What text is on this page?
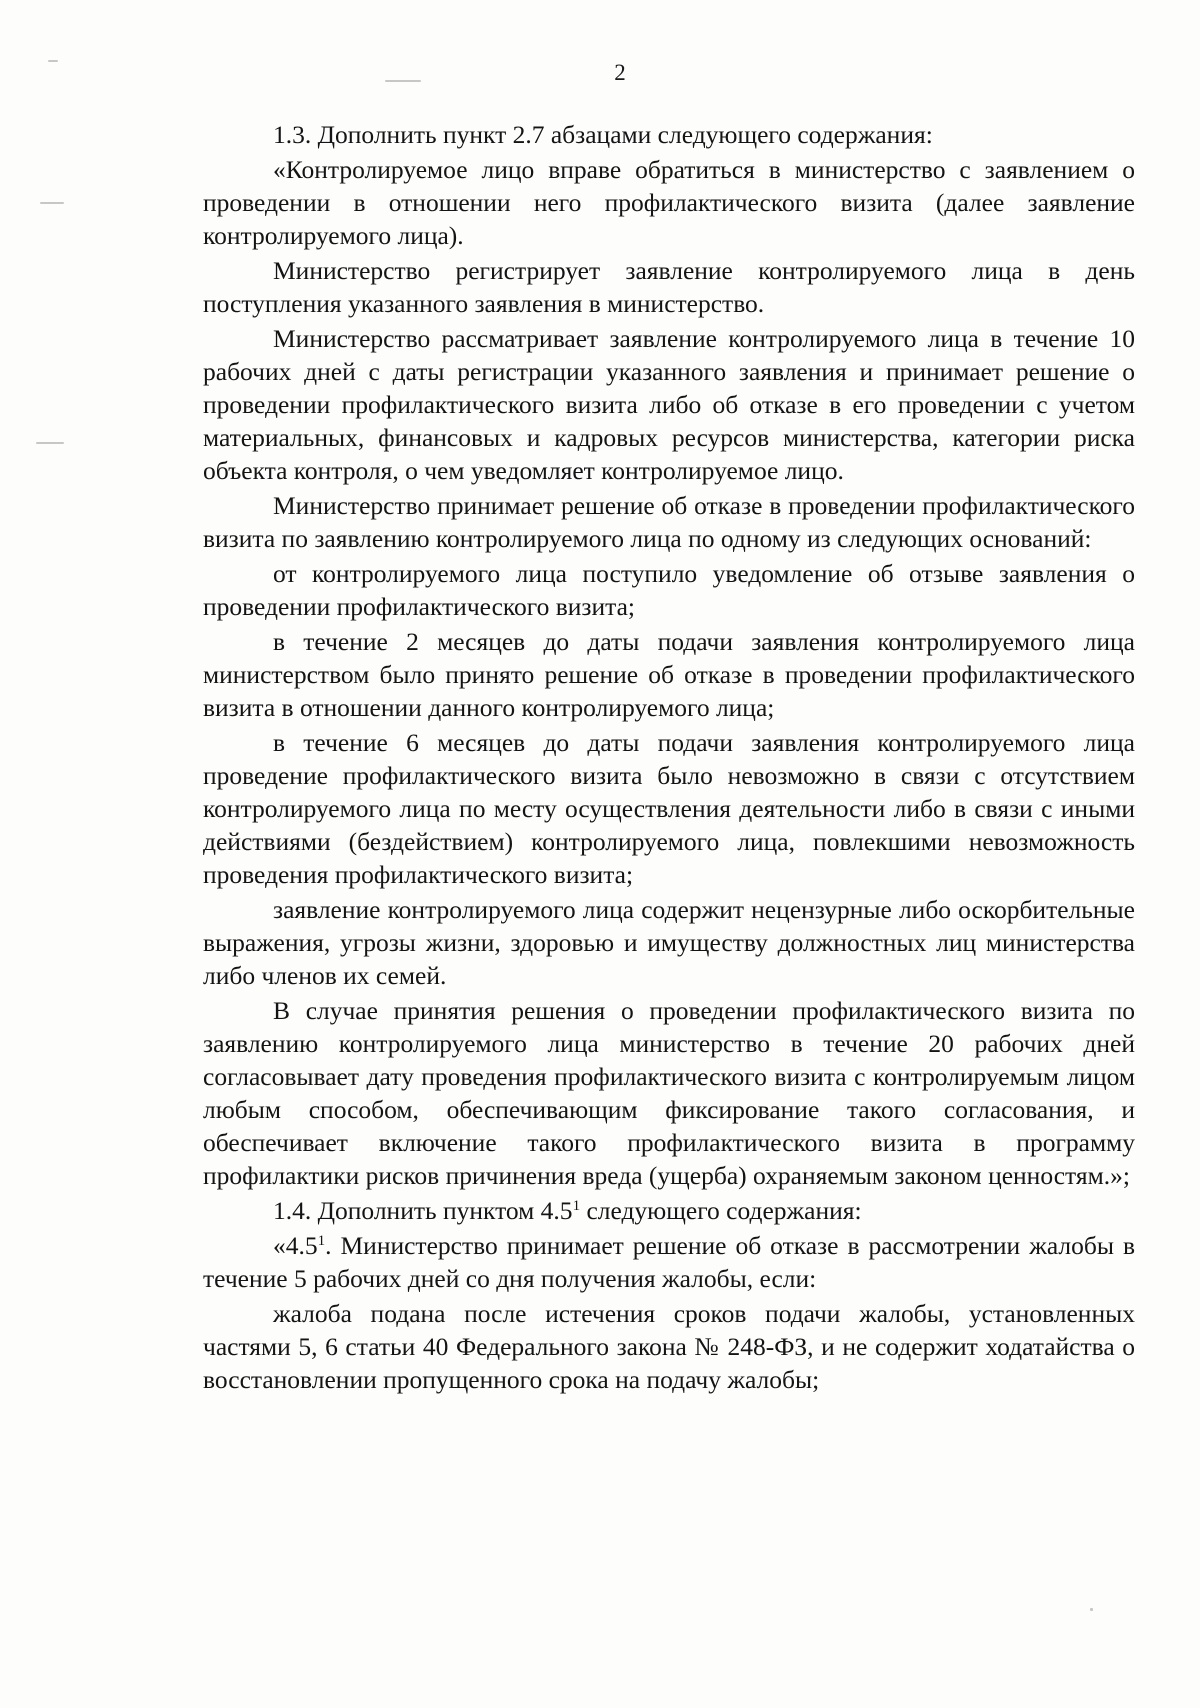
2

1.3. Дополнить пункт 2.7 абзацами следующего содержания:

«Контролируемое лицо вправе обратиться в министерство с заявлением о проведении в отношении него профилактического визита (далее заявление контролируемого лица).

Министерство регистрирует заявление контролируемого лица в день поступления указанного заявления в министерство.

Министерство рассматривает заявление контролируемого лица в течение 10 рабочих дней с даты регистрации указанного заявления и принимает решение о проведении профилактического визита либо об отказе в его проведении с учетом материальных, финансовых и кадровых ресурсов министерства, категории риска объекта контроля, о чем уведомляет контролируемое лицо.

Министерство принимает решение об отказе в проведении профилактического визита по заявлению контролируемого лица по одному из следующих оснований:

от контролируемого лица поступило уведомление об отзыве заявления о проведении профилактического визита;

в течение 2 месяцев до даты подачи заявления контролируемого лица министерством было принято решение об отказе в проведении профилактического визита в отношении данного контролируемого лица;

в течение 6 месяцев до даты подачи заявления контролируемого лица проведение профилактического визита было невозможно в связи с отсутствием контролируемого лица по месту осуществления деятельности либо в связи с иными действиями (бездействием) контролируемого лица, повлекшими невозможность проведения профилактического визита;

заявление контролируемого лица содержит нецензурные либо оскорбительные выражения, угрозы жизни, здоровью и имуществу должностных лиц министерства либо членов их семей.

В случае принятия решения о проведении профилактического визита по заявлению контролируемого лица министерство в течение 20 рабочих дней согласовывает дату проведения профилактического визита с контролируемым лицом любым способом, обеспечивающим фиксирование такого согласования, и обеспечивает включение такого профилактического визита в программу профилактики рисков причинения вреда (ущерба) охраняемым законом ценностям.»;

1.4. Дополнить пунктом $4.5^1$ следующего содержания:

«$4.5^1$. Министерство принимает решение об отказе в рассмотрении жалобы в течение 5 рабочих дней со дня получения жалобы, если:

жалоба подана после истечения сроков подачи жалобы, установленных частями 5, 6 статьи 40 Федерального закона № 248-ФЗ, и не содержит ходатайства о восстановлении пропущенного срока на подачу жалобы;
